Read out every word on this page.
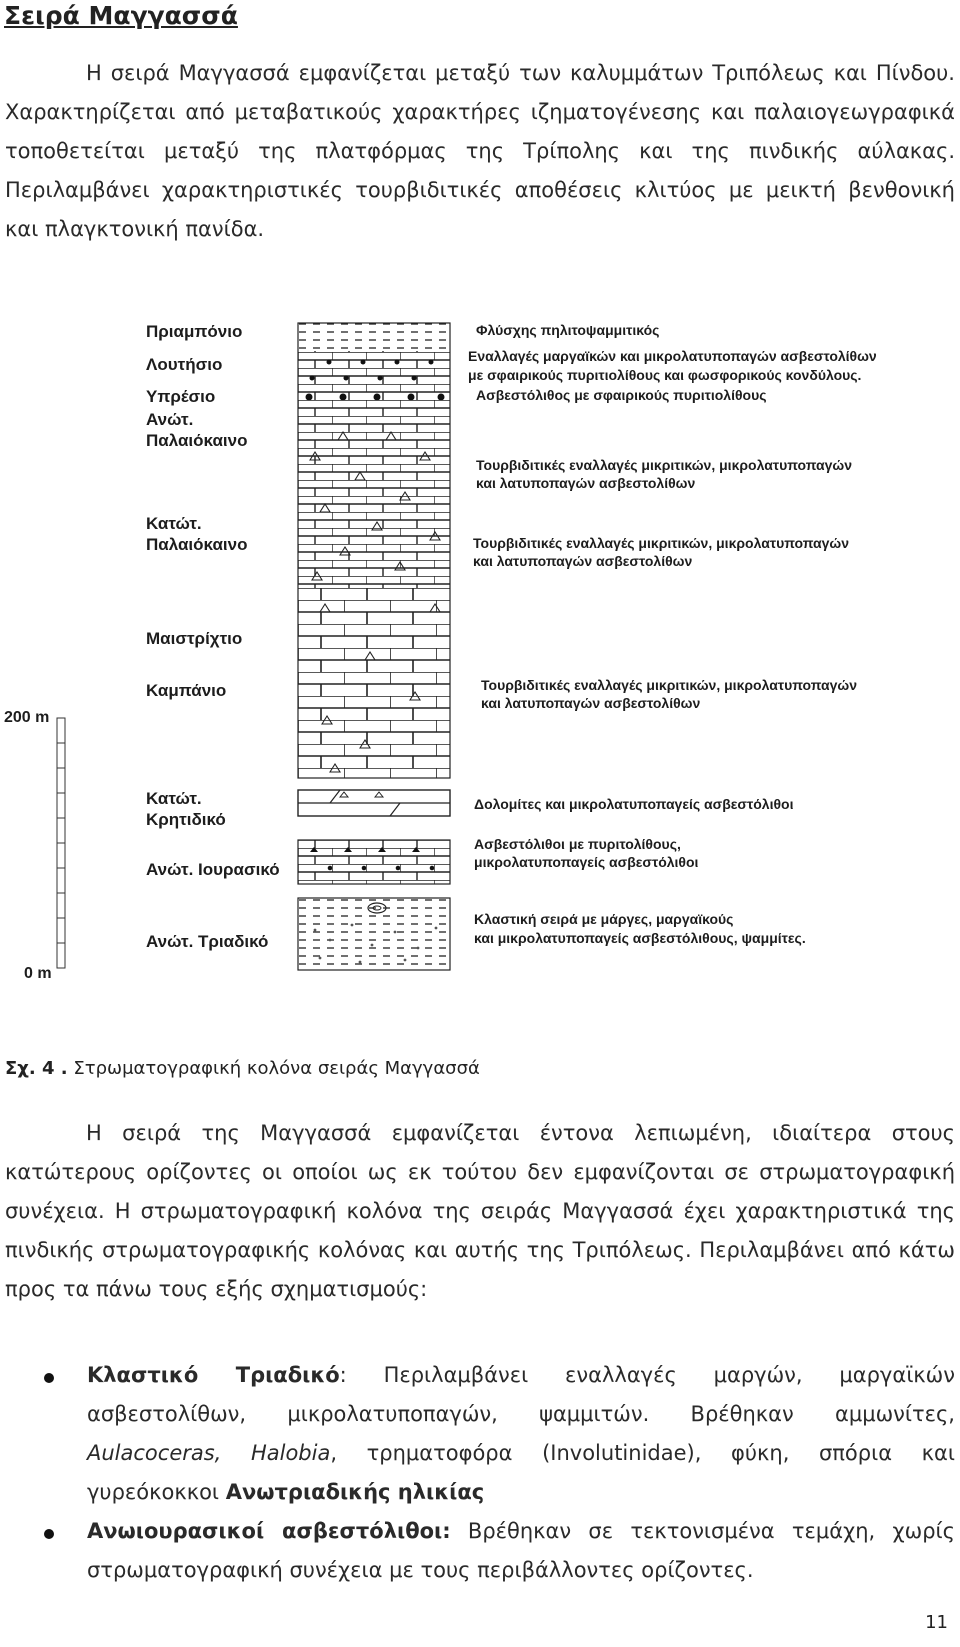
Σειρά Μαγγασσά

Η σειρά Μαγγασσά εμφανίζεται μεταξύ των καλυμμάτων Τριπόλεως και Πίνδου. Χαρακτηρίζεται από μεταβατικούς χαρακτήρες ιζηματογένεσης και παλαιογεωγραφικά τοποθετείται μεταξύ της πλατφόρμας της Τρίπολης και της πινδικής αύλακας. Περιλαμβάνει χαρακτηριστικές τουρβιδιτικές αποθέσεις κλιτύος με μεικτή βενθονική και πλαγκτονική πανίδα.

Πριαμπόνιο
Λουτήσιο
Υπρέσιο
Ανώτ.
Παλαιόκαινο
Κατώτ.
Παλαιόκαινο
Μαιστρίχτιο
Καμπάνιο
Κατώτ.
Κρητιδικό
Ανώτ. Ιουρασικό
Ανώτ. Τριαδικό
200 m
0 m
Φλύσχης πηλιτοψαμμιτικός
Εναλλαγές μαργαϊκών και μικρολατυποπαγών ασβεστολίθων
με σφαιρικούς πυριτιολίθους και φωσφορικούς κονδύλους.
Ασβεστόλιθος με σφαιρικούς πυριτιολίθους
Τουρβιδιτικές εναλλαγές μικριτικών, μικρολατυποπαγών
και λατυποπαγών ασβεστολίθων
Τουρβιδιτικές εναλλαγές μικριτικών, μικρολατυποπαγών
και λατυποπαγών ασβεστολίθων
Τουρβιδιτικές εναλλαγές μικριτικών, μικρολατυποπαγών
και λατυποπαγών ασβεστολίθων
Δολομίτες και μικρολατυποπαγείς ασβεστόλιθοι
Ασβεστόλιθοι με πυριτολίθους,
μικρολατυποπαγείς ασβεστόλιθοι
Κλαστική σειρά με μάργες, μαργαϊκούς
και μικρολατυποπαγείς ασβεστόλιθους, ψαμμίτες.
Σχ. 4 . Στρωματογραφική κολόνα σειράς Μαγγασσά

Η σειρά της Μαγγασσά εμφανίζεται έντονα λεπιωμένη, ιδιαίτερα στους κατώτερους ορίζοντες οι οποίοι ως εκ τούτου δεν εμφανίζονται σε στρωματογραφική συνέχεια. Η στρωματογραφική κολόνα της σειράς Μαγγασσά έχει χαρακτηριστικά της πινδικής στρωματογραφικής κολόνας και αυτής της Τριπόλεως. Περιλαμβάνει από κάτω προς τα πάνω τους εξής σχηματισμούς:

Κλαστικό Τριαδικό: Περιλαμβάνει εναλλαγές μαργών, μαργαϊκών ασβεστολίθων, μικρολατυποπαγών, ψαμμιτών. Βρέθηκαν αμμωνίτες, Aulacoceras, Halobia, τρηματοφόρα (Involutinidae), φύκη, σπόρια και γυρεόκοκκοι Ανωτριαδικής ηλικίας
Ανωιουρασικοί ασβεστόλιθοι: Βρέθηκαν σε τεκτονισμένα τεμάχη, χωρίς στρωματογραφική συνέχεια με τους περιβάλλοντες ορίζοντες.
11
